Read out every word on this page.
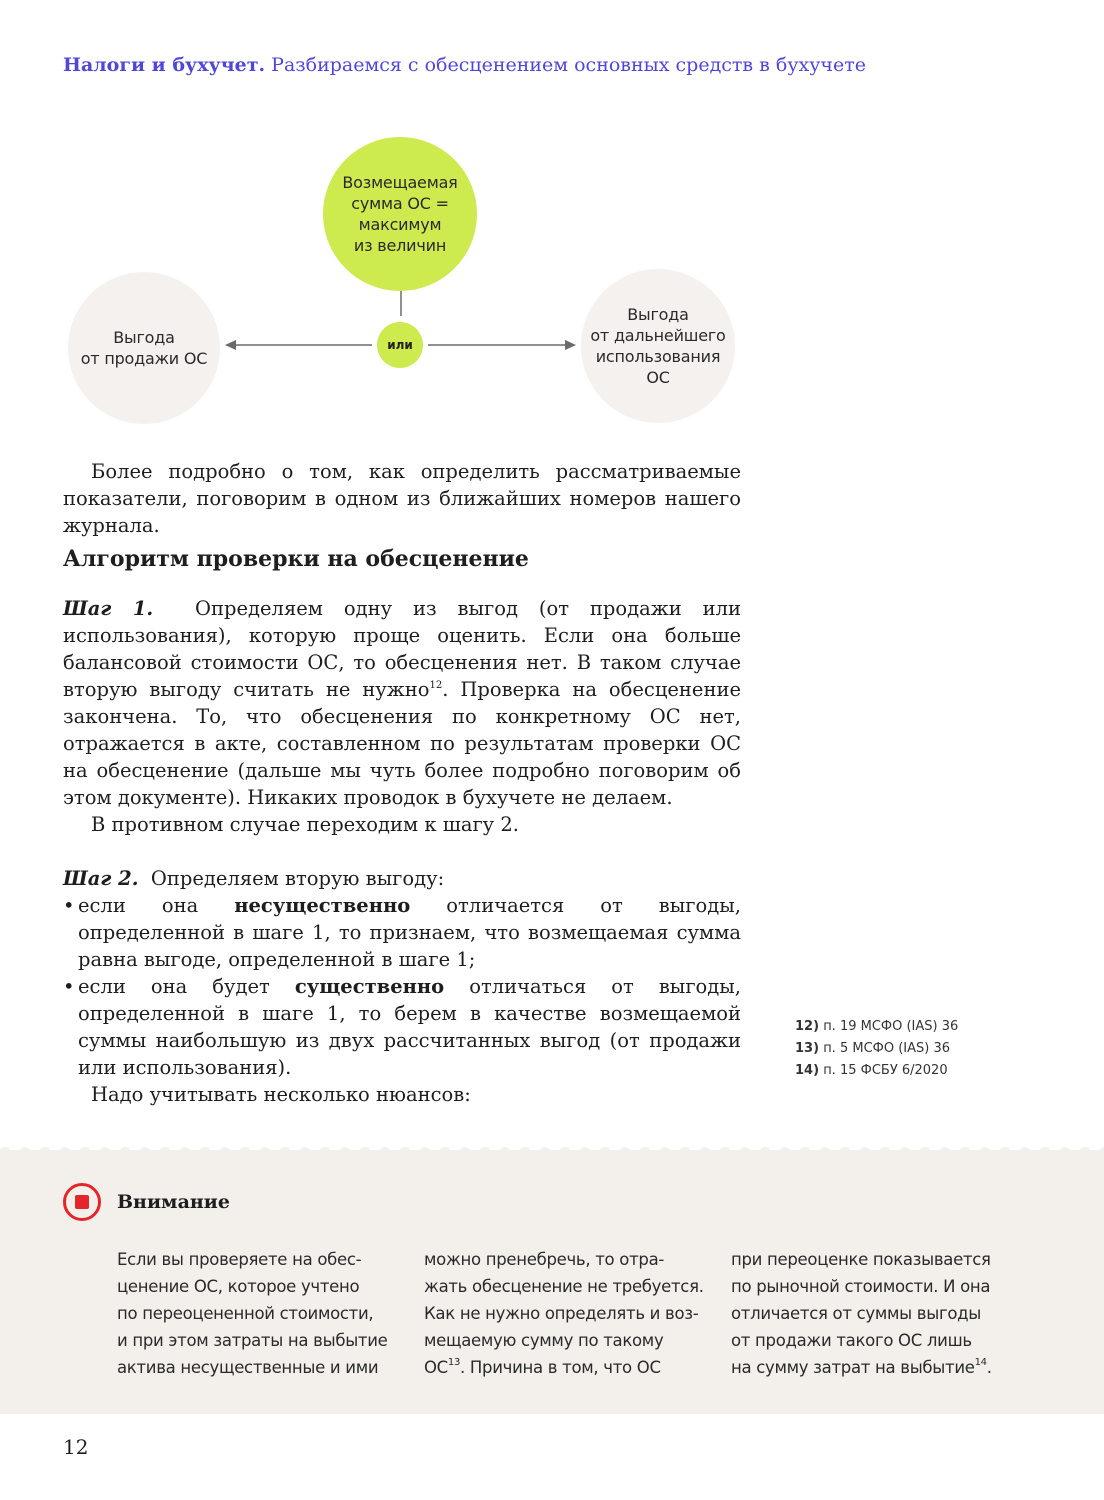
Налоги и бухучет. Разбираемся с обесценением основных средств в бухучете
Возмещаемая
сумма ОС =
максимум
из величин
Выгода
от продажи ОС
Выгода
от дальнейшего
использования
ОС
или

Более подробно о том, как определить рассматриваемые показатели, поговорим в одном из ближайших номеров нашего журнала.

Алгоритм проверки на обесценение

Шаг 1. Определяем одну из выгод (от продажи или использования), которую проще оценить. Если она больше балансовой стоимости ОС, то обесценения нет. В таком случае вторую выгоду считать не нужно$^{12}$. Проверка на обесценение закончена. То, что обесценения по конкретному ОС нет, отражается в акте, составленном по результатам проверки ОС на обесценение (дальше мы чуть более подробно поговорим об этом документе). Никаких проводок в бухучете не делаем.

В противном случае переходим к шагу 2.

Шаг 2. Определяем вторую выгоду:

• если она несущественно отличается от выгоды, определенной в шаге 1, то признаем, что возмещаемая сумма равна выгоде, определенной в шаге 1;
• если она будет существенно отличаться от выгоды, определенной в шаге 1, то берем в качестве возмещаемой суммы наибольшую из двух рассчитанных выгод (от продажи или использования).

Надо учитывать несколько нюансов:

12) п. 19 МСФО (IAS) 36
13) п. 5 МСФО (IAS) 36
14) п. 15 ФСБУ 6/2020
Внимание
Если вы проверяете на обес-
ценение ОС, которое учтено
по переоцененной стоимости,
и при этом затраты на выбытие
актива несущественные и ими
можно пренебречь, то отра-
жать обесценение не требуется.
Как не нужно определять и воз-
мещаемую сумму по такому
ОС$^{13}$. Причина в том, что ОС
при переоценке показывается
по рыночной стоимости. И она
отличается от суммы выгоды
от продажи такого ОС лишь
на сумму затрат на выбытие$^{14}$.
12
